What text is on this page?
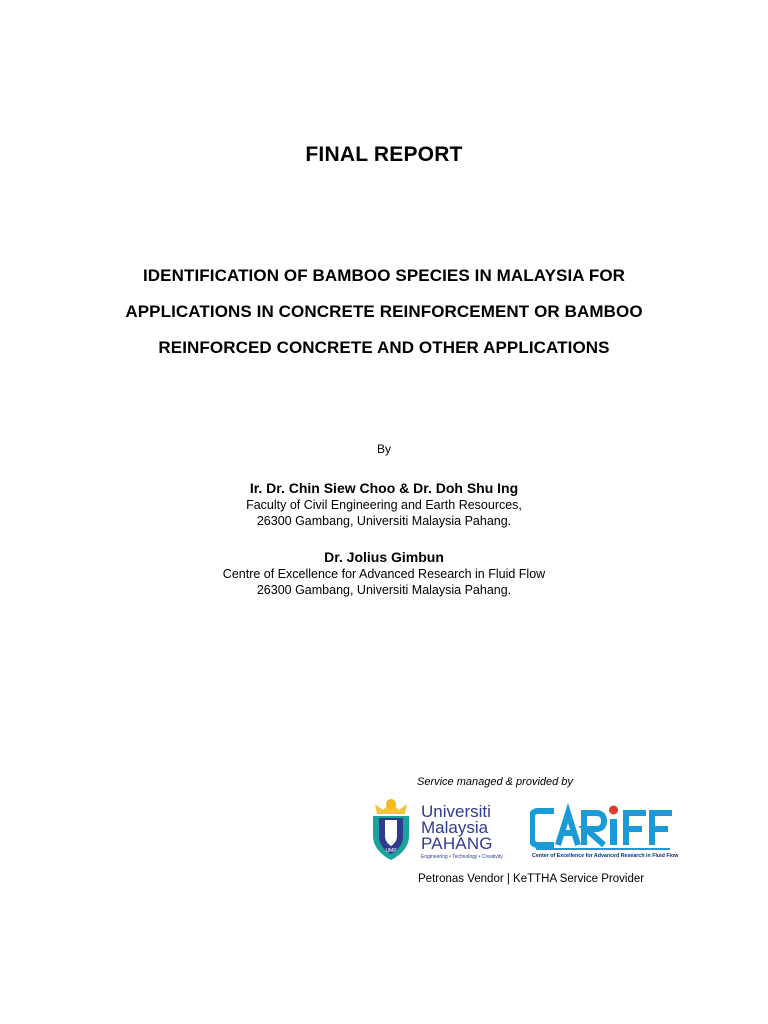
FINAL REPORT
IDENTIFICATION OF BAMBOO SPECIES IN MALAYSIA FOR
APPLICATIONS IN CONCRETE REINFORCEMENT OR BAMBOO
REINFORCED CONCRETE AND OTHER APPLICATIONS
By
Ir. Dr. Chin Siew Choo & Dr. Doh Shu Ing
Faculty of Civil Engineering and Earth Resources,
26300 Gambang, Universiti Malaysia Pahang.
Dr. Jolius Gimbun
Centre of Excellence for Advanced Research in Fluid Flow
26300 Gambang, Universiti Malaysia Pahang.
Service managed & provided by
UMP
Universiti
Malaysia
PAHANG
Engineering • Technology • Creativity	Center of Excellence for Advanced Research in Fluid Flow
Petronas Vendor | KeTTHA Service Provider
